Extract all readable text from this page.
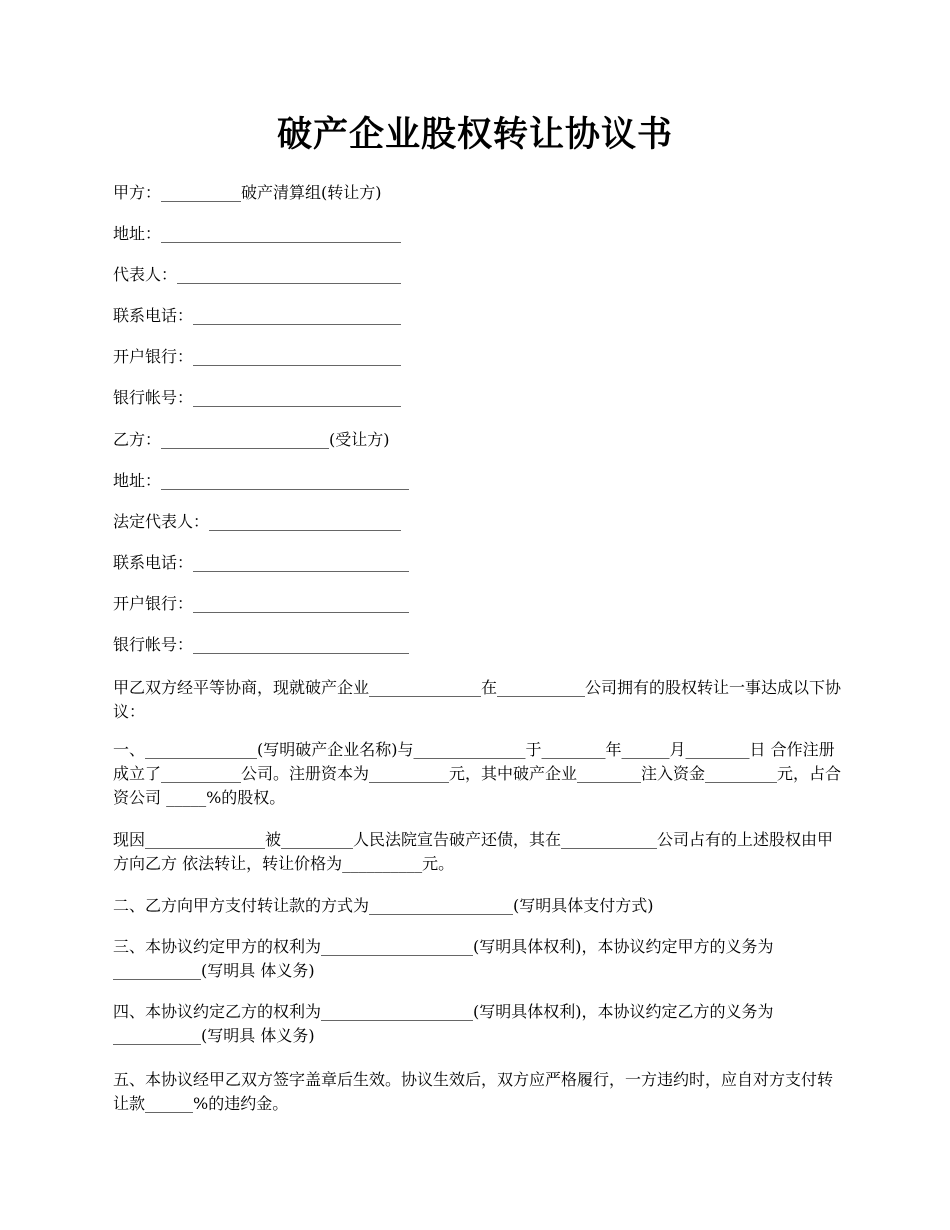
破产企业股权转让协议书
甲方：__________破产清算组(转让方)
地址：______________________________
代表人：____________________________
联系电话：__________________________
开户银行：__________________________
银行帐号：__________________________
乙方：_____________________(受让方)
地址：_______________________________
法定代表人：________________________
联系电话：___________________________
开户银行：___________________________
银行帐号：___________________________
甲乙双方经平等协商，现就破产企业______________在___________公司拥有的股权转让一事达成以下协议：
一、______________(写明破产企业名称)与______________于________年______月________日 合作注册成立了__________公司。注册资本为__________元，其中破产企业________注入资金_________元，占合资公司 _____%的股权。
现因_______________被_________人民法院宣告破产还债，其在____________公司占有的上述股权由甲方向乙方 依法转让，转让价格为__________元。
二、乙方向甲方支付转让款的方式为__________________(写明具体支付方式)
三、本协议约定甲方的权利为___________________(写明具体权利)，本协议约定甲方的义务为___________(写明具 体义务)
四、本协议约定乙方的权利为___________________(写明具体权利)，本协议约定乙方的义务为___________(写明具 体义务)
五、本协议经甲乙双方签字盖章后生效。协议生效后，双方应严格履行，一方违约时，应自对方支付转让款______%的违约金。
